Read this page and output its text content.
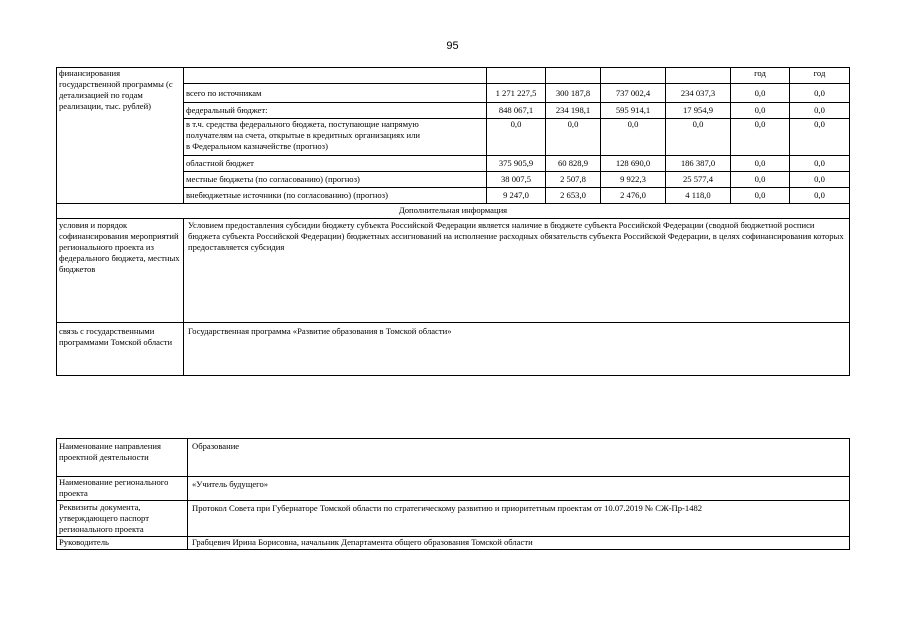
95
финансирования государственной программы (с детализацией по годам реализации, тыс. рублей)						год	год
	всего по источникам	1 271 227,5	300 187,8	737 002,4	234 037,3	0,0	0,0
	федеральный бюджет:	848 067,1	234 198,1	595 914,1	17 954,9	0,0	0,0
	в т.ч. средства федерального бюджета, поступающие напрямую получателям на счета, открытые в кредитных организациях или в Федеральном казначействе (прогноз)	0,0	0,0	0,0	0,0	0,0	0,0
	областной бюджет	375 905,9	60 828,9	128 690,0	186 387,0	0,0	0,0
	местные бюджеты (по согласованию) (прогноз)	38 007,5	2 507,8	9 922,3	25 577,4	0,0	0,0
	внебюджетные источники (по согласованию) (прогноз)	9 247,0	2 653,0	2 476,0	4 118,0	0,0	0,0
Дополнительная информация							
условия и порядок софинансирования мероприятий регионального проекта из федерального бюджета, местных бюджетов	Условием предоставления субсидии бюджету субъекта Российской Федерации является наличие в бюджете субъекта Российской Федерации (сводной бюджетной росписи бюджета субъекта Российской Федерации) бюджетных ассигнований на исполнение расходных обязательств субъекта Российской Федерации, в целях софинансирования которых предоставляется субсидия						
связь с государственными программами Томской области	Государственная программа «Развитие образования в Томской области»						
Наименование направления проектной деятельности	Образование
Наименование регионального проекта	«Учитель будущего»
Реквизиты документа, утверждающего паспорт регионального проекта	Протокол Совета при Губернаторе Томской области по стратегическому развитию и приоритетным проектам от 10.07.2019 № СЖ-Пр-1482
Руководитель	Грабцевич Ирина Борисовна, начальник Департамента общего образования Томской области
